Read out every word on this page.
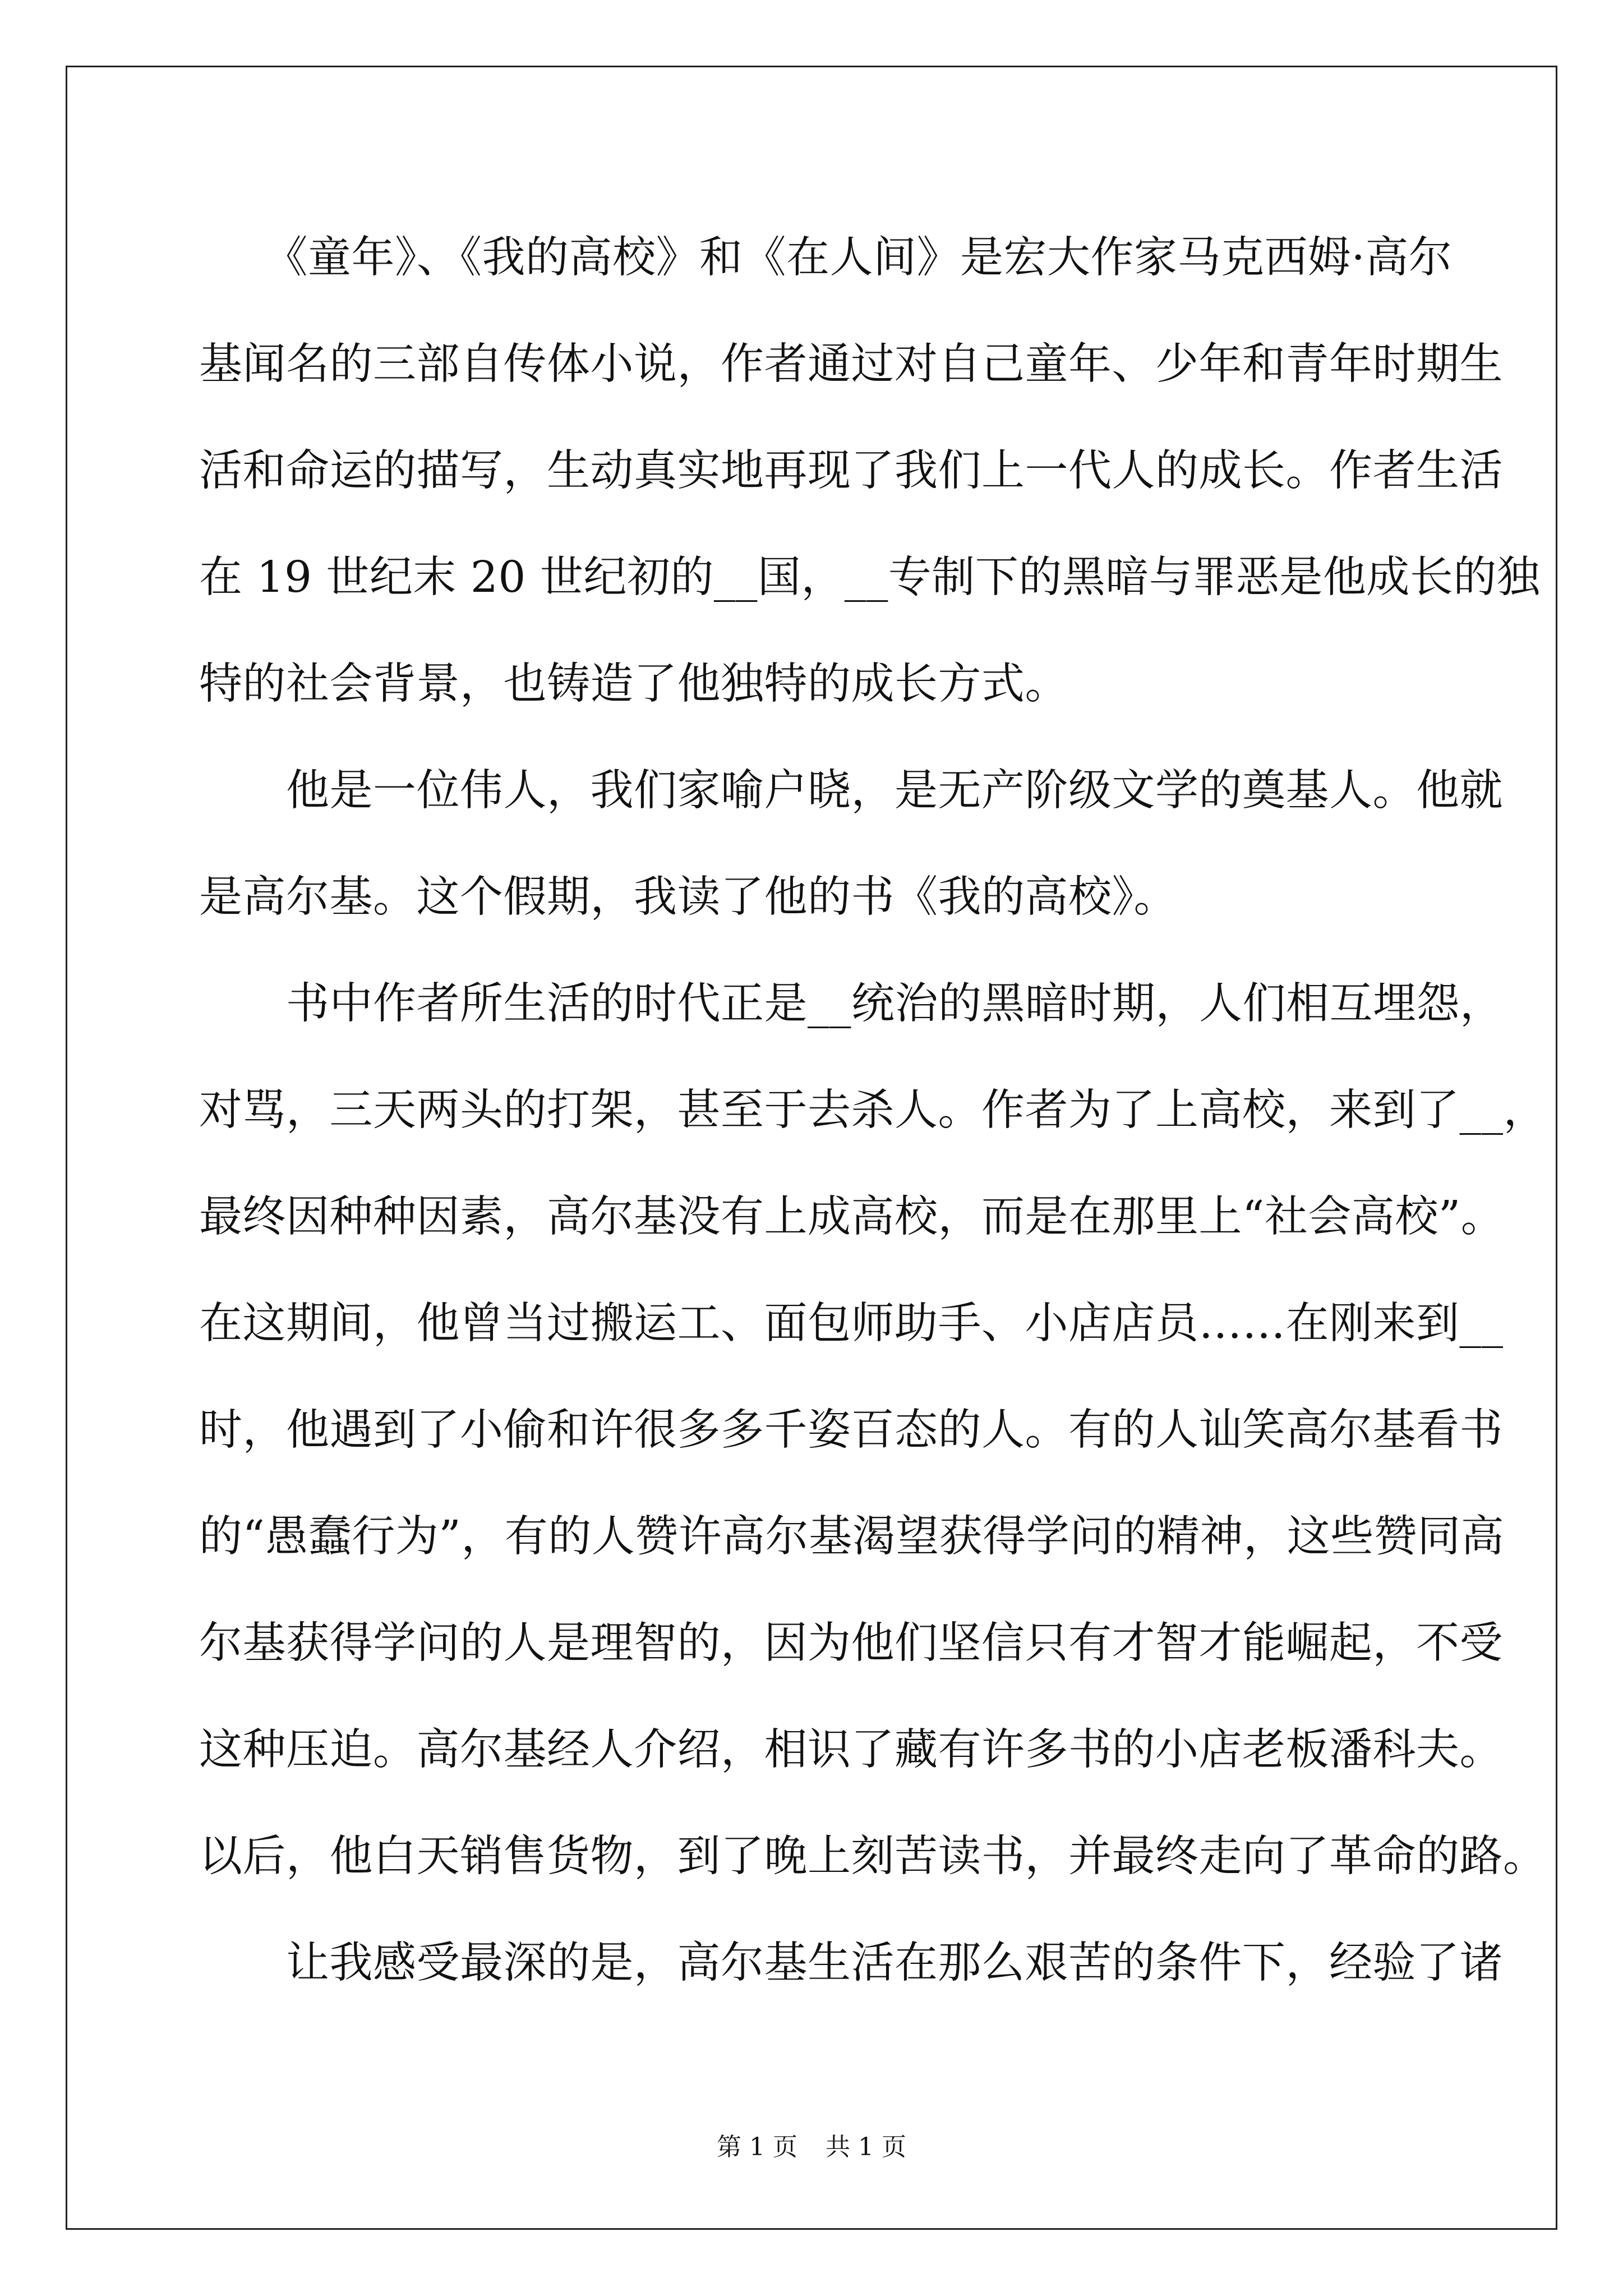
　　《童年》、《我的高校》和《在人间》是宏大作家马克西姆·高尔
基闻名的三部自传体小说，作者通过对自己童年、少年和青年时期生
活和命运的描写，生动真实地再现了我们上一代人的成长。作者生活
在 19 世纪末 20 世纪初的__国，__专制下的黑暗与罪恶是他成长的独
特的社会背景，也铸造了他独特的成长方式。
　　他是一位伟人，我们家喻户晓，是无产阶级文学的奠基人。他就
是高尔基。这个假期，我读了他的书《我的高校》。
　　书中作者所生活的时代正是__统治的黑暗时期，人们相互埋怨，
对骂，三天两头的打架，甚至于去杀人。作者为了上高校，来到了__，
最终因种种因素，高尔基没有上成高校，而是在那里上“社会高校”。
在这期间，他曾当过搬运工、面包师助手、小店店员……在刚来到__
时，他遇到了小偷和许很多多千姿百态的人。有的人讪笑高尔基看书
的“愚蠢行为”，有的人赞许高尔基渴望获得学问的精神，这些赞同高
尔基获得学问的人是理智的，因为他们坚信只有才智才能崛起，不受
这种压迫。高尔基经人介绍，相识了藏有许多书的小店老板潘科夫。
以后，他白天销售货物，到了晚上刻苦读书，并最终走向了革命的路。
　　让我感受最深的是，高尔基生活在那么艰苦的条件下，经验了诸
第 1 页 共 1 页
